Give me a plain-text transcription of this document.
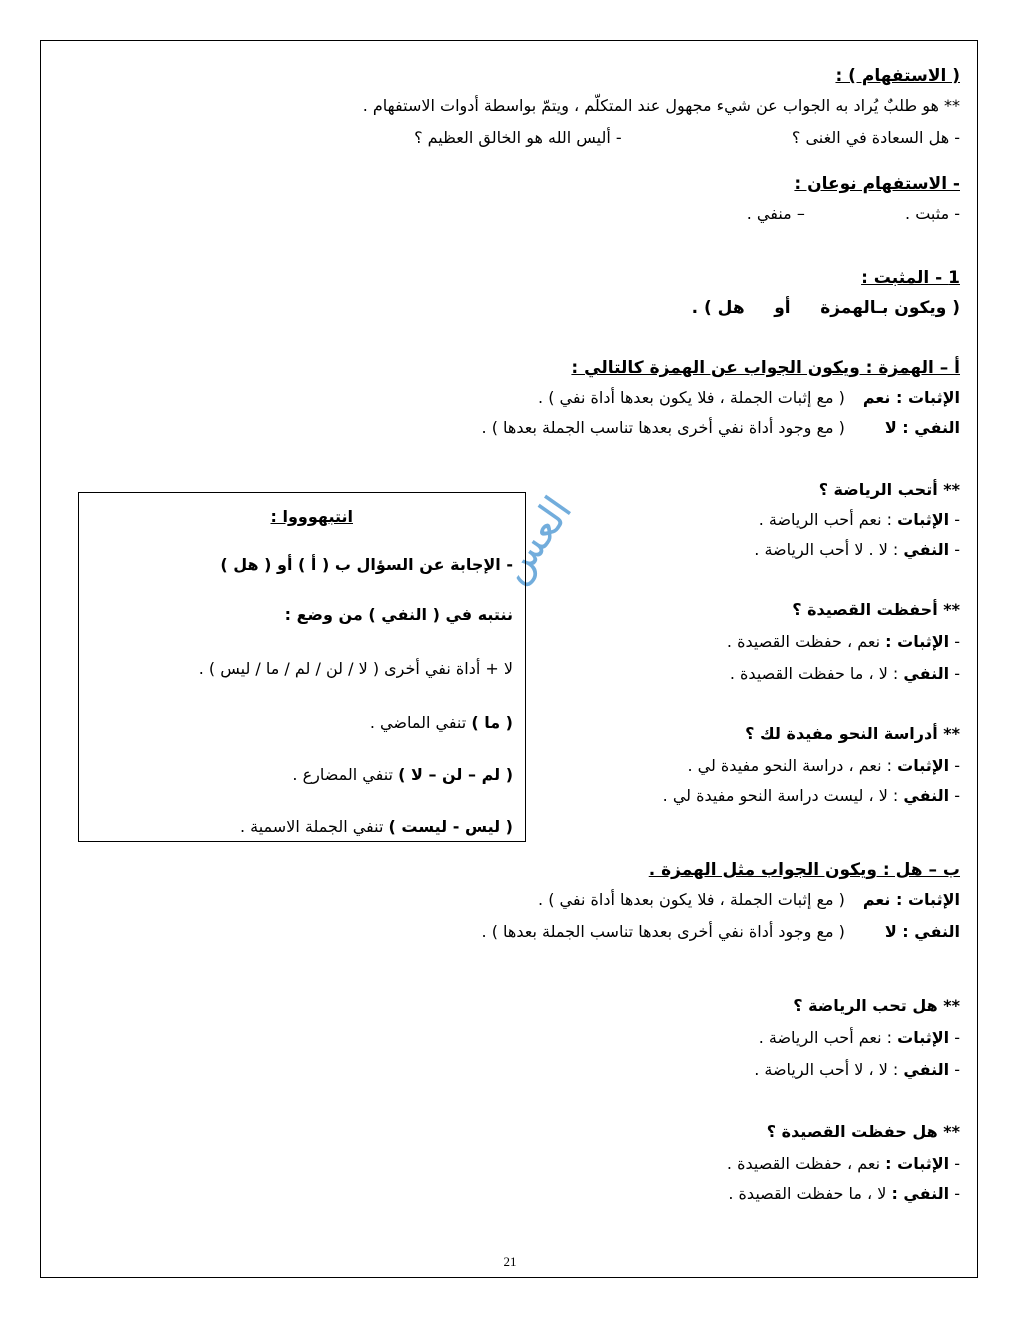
( الاستفهام ) :
** هو طلبٌ يُراد به الجواب عن شيء مجهول عند المتكلّم ، ويتمّ بواسطة أدوات الاستفهام .
- هل السعادة في الغنى ؟  - أليس الله هو الخالق العظيم ؟
- الاستفهام نوعان :
- مثبت .  – منفي .
1 - المثبت :
( ويكون بـالهمزة     أو     هل ) .
أ – الهمزة : ويكون الجواب عن الهمزة كالتالي :
الإثبات : نعم ( مع إثبات الجملة ، فلا يكون بعدها أداة نفي ) .
النفي : لا ( مع وجود أداة نفي أخرى بعدها تناسب الجملة بعدها ) .
** أتحب الرياضة ؟
- الإثبات : نعم أحب الرياضة .
- النفي : لا . لا أحب الرياضة .
** أحفظت القصيدة ؟
- الإثبات : نعم ، حفظت القصيدة .
- النفي : لا ، ما حفظت القصيدة .
** أدراسة النحو مفيدة لك ؟
- الإثبات : نعم ، دراسة النحو مفيدة لي .
- النفي : لا ، ليست دراسة النحو مفيدة لي .
ب – هل : ويكون الجواب مثل الهمزة .
الإثبات : نعم ( مع إثبات الجملة ، فلا يكون بعدها أداة نفي ) .
النفي : لا ( مع وجود أداة نفي أخرى بعدها تناسب الجملة بعدها ) .
** هل تحب الرياضة ؟
- الإثبات : نعم أحب الرياضة .
- النفي : لا ، لا أحب الرياضة .
** هل حفظت القصيدة ؟
- الإثبات : نعم ، حفظت القصيدة .
- النفي : لا ، ما حفظت القصيدة .
العس
انتبهوووا :
- الإجابة عن السؤال ب ( أ ) أو ( هل )
ننتبه في ( النفي ) من وضع :
لا + أداة نفي أخرى ( لا / لن / لم / ما / ليس ) .
( ما ) تنفي الماضي .
( لم – لن – لا ) تنفي المضارع .
( ليس - ليست ) تنفي الجملة الاسمية .
21
